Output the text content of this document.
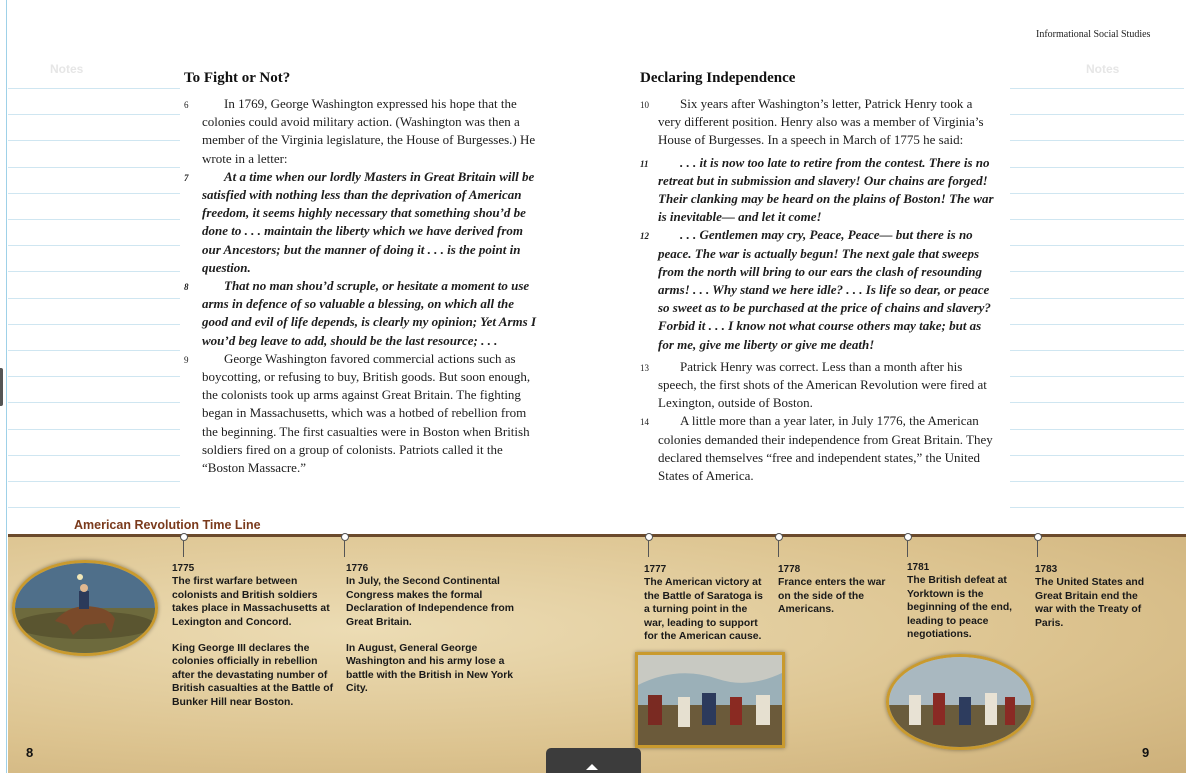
Informational Social Studies
Notes	Notes
To Fight or Not?

6	In 1769, George Washington expressed his hope that the colonies could avoid military action. (Washington was then a member of the Virginia legislature, the House of Burgesses.) He wrote in a letter:

7	At a time when our lordly Masters in Great Britain will be satisfied with nothing less than the deprivation of American freedom, it seems highly necessary that something shou’d be done to . . . maintain the liberty which we have derived from our Ancestors; but the manner of doing it . . . is the point in question.

8	That no man shou’d scruple, or hesitate a moment to use arms in defence of so valuable a blessing, on which all the good and evil of life depends, is clearly my opinion; Yet Arms I wou’d beg leave to add, should be the last resource; . . .

9	George Washington favored commercial actions such as boycotting, or refusing to buy, British goods. But soon enough, the colonists took up arms against Great Britain. The fighting began in Massachusetts, which was a hotbed of rebellion from the beginning. The first casualties were in Boston when British soldiers fired on a group of colonists. Patriots called it the “Boston Massacre.”

Declaring Independence

10 Six years after Washington’s letter, Patrick Henry took a very different position. Henry also was a member of Virginia’s House of Burgesses. In a speech in March of 1775 he said:

11 . . . it is now too late to retire from the contest. There is no retreat but in submission and slavery! Our chains are forged! Their clanking may be heard on the plains of Boston! The war is inevitable— and let it come!

12 . . . Gentlemen may cry, Peace, Peace— but there is no peace. The war is actually begun! The next gale that sweeps from the north will bring to our ears the clash of resounding arms! . . . Why stand we here idle? . . . Is life so dear, or peace so sweet as to be purchased at the price of chains and slavery? Forbid it . . . I know not what course others may take; but as for me, give me liberty or give me death!

13 Patrick Henry was correct. Less than a month after his speech, the first shots of the American Revolution were fired at Lexington, outside of Boston.

14 A little more than a year later, in July 1776, the American colonies demanded their independence from Great Britain. They declared themselves “free and independent states,” the United States of America.

American Revolution Time Line
1775

The first warfare between colonists and British soldiers takes place in Massachusetts at Lexington and Concord.

King George III declares the colonies officially in rebellion after the devastating number of British casualties at the Battle of Bunker Hill near Boston.

1776

In July, the Second Continental Congress makes the formal Declaration of Independence from Great Britain.

In August, General George Washington and his army lose a battle with the British in New York City.

1777

The American victory at the Battle of Saratoga is a turning point in the war, leading to support for the American cause.

1778

France enters the war on the side of the Americans.

1781

The British defeat at Yorktown is the beginning of the end, leading to peace negotiations.

1783

The United States and Great Britain end the war with the Treaty of Paris.

8	9
